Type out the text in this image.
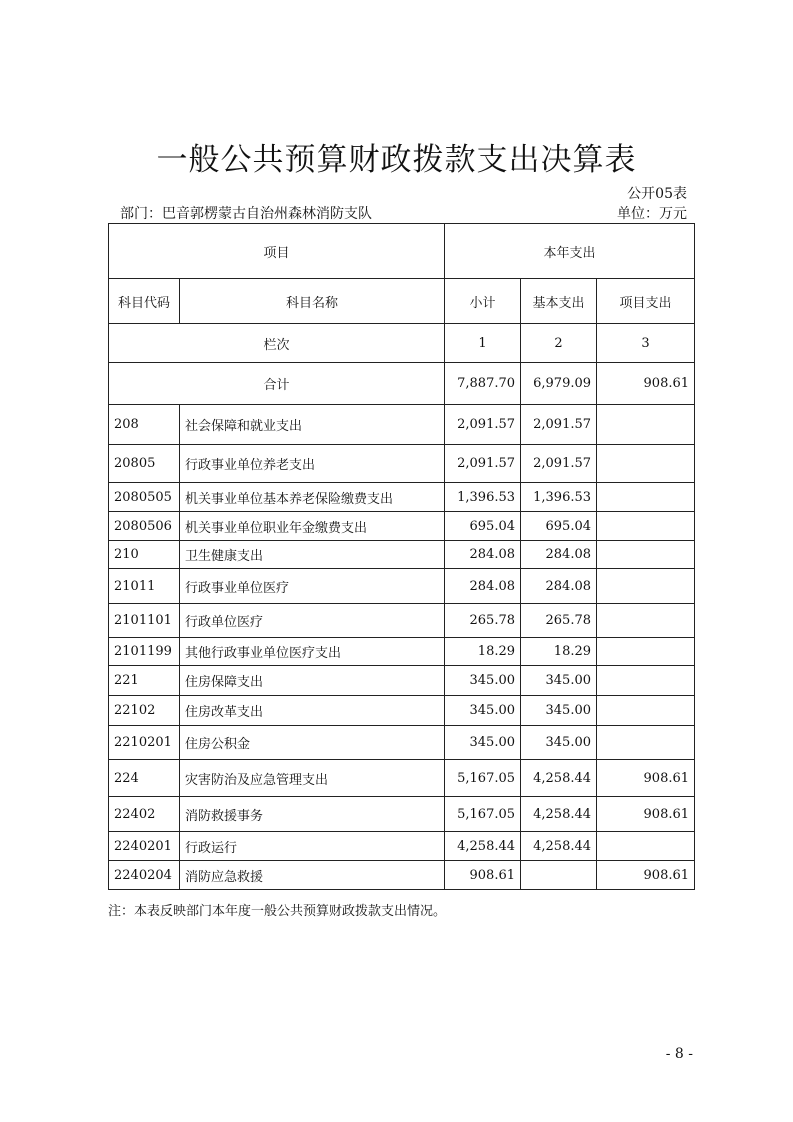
一般公共预算财政拨款支出决算表
公开05表
部门：巴音郭楞蒙古自治州森林消防支队	单位：万元
项目		本年支出		
科目代码	科目名称	小计	基本支出	项目支出
栏次		1	2	3
合计		7,887.70	6,979.09	908.61
208	社会保障和就业支出	2,091.57	2,091.57	
20805	行政事业单位养老支出	2,091.57	2,091.57	
2080505	机关事业单位基本养老保险缴费支出	1,396.53	1,396.53	
2080506	机关事业单位职业年金缴费支出	695.04	695.04	
210	卫生健康支出	284.08	284.08	
21011	行政事业单位医疗	284.08	284.08	
2101101	行政单位医疗	265.78	265.78	
2101199	其他行政事业单位医疗支出	18.29	18.29	
221	住房保障支出	345.00	345.00	
22102	住房改革支出	345.00	345.00	
2210201	住房公积金	345.00	345.00	
224	灾害防治及应急管理支出	5,167.05	4,258.44	908.61
22402	消防救援事务	5,167.05	4,258.44	908.61
2240201	行政运行	4,258.44	4,258.44	
2240204	消防应急救援	908.61		908.61
注：本表反映部门本年度一般公共预算财政拨款支出情况。
- 8 -
